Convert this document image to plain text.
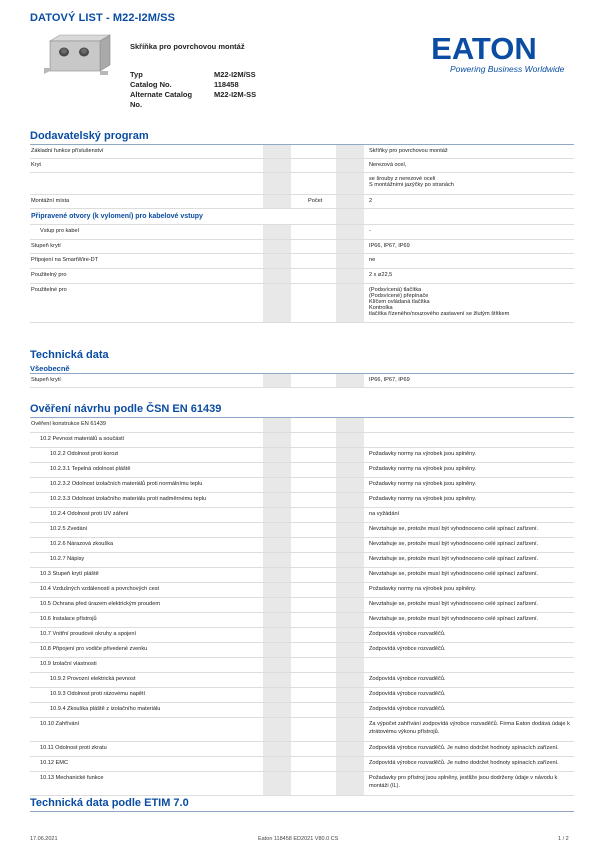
DATOVÝ LIST - M22-I2M/SS
Skříňka pro povrchovou montáž
Typ	M22-I2M/SS
Catalog No.	118458
Alternate Catalog	M22-I2M-SS
No.
EATON
Powering Business Worldwide
Dodavatelský program
Základní funkce příslušenství	Skříňky pro povrchovou montáž
Kryt	Nerezová ocel,
se šrouby z nerezové oceli
S montážními jazýčky po stranách
Montážní místa	Počet	2
Připravené otvory (k vylomení) pro kabelové vstupy
Vstup pro kabel	-
Stupeň krytí	IP66, IP67, IP69
Připojení na SmartWire-DT	ne
Použitelný pro	2 x ⌀22,5
Použitelné pro	(Podsvícená) tlačítka
(Podsvícené) přepínače
Klíčem ovládaná tlačítka
Kontrolka
tlačítka řízeného/nouzového zastavení se žlutým štítkem
Technická data
Všeobecně
Stupeň krytí	IP66, IP67, IP69
Ověření návrhu podle ČSN EN 61439
Ověření konstrukce EN 61439
10.2 Pevnost materiálů a součástí
10.2.2 Odolnost proti korozi	Požadavky normy na výrobek jsou splněny.
10.2.3.1 Tepelná odolnost pláště	Požadavky normy na výrobek jsou splněny.
10.2.3.2 Odolnost izolačních materiálů proti normálnímu teplu	Požadavky normy na výrobek jsou splněny.
10.2.3.3 Odolnost izolačního materiálu proti nadměrnému teplu	Požadavky normy na výrobek jsou splněny.
10.2.4 Odolnost proti UV záření	na vyžádání
10.2.5 Zvedání	Nevztahuje se, protože musí být vyhodnoceno celé spínací zařízení.
10.2.6 Nárazová zkouška	Nevztahuje se, protože musí být vyhodnoceno celé spínací zařízení.
10.2.7 Nápisy	Nevztahuje se, protože musí být vyhodnoceno celé spínací zařízení.
10.3 Stupeň krytí pláště	Nevztahuje se, protože musí být vyhodnoceno celé spínací zařízení.
10.4 Vzdušných vzdáleností a povrchových cest	Požadavky normy na výrobek jsou splněny.
10.5 Ochrana před úrazem elektrickým proudem	Nevztahuje se, protože musí být vyhodnoceno celé spínací zařízení.
10.6 Instalace přístrojů	Nevztahuje se, protože musí být vyhodnoceno celé spínací zařízení.
10.7 Vnitřní proudové okruhy a spojení	Zodpovídá výrobce rozvaděčů.
10.8 Připojení pro vodiče přivedené zvenku	Zodpovídá výrobce rozvaděčů.
10.9 Izolační vlastnosti
10.9.2 Provozní elektrická pevnost	Zodpovídá výrobce rozvaděčů.
10.9.3 Odolnost proti rázovému napětí	Zodpovídá výrobce rozvaděčů.
10.9.4 Zkouška pláště z izolačního materiálu	Zodpovídá výrobce rozvaděčů.
10.10 Zahřívání	Za výpočet zahřívání zodpovídá výrobce rozvaděčů. Firma Eaton dodává údaje k ztrátovému výkonu přístrojů.
10.11 Odolnost proti zkratu	Zodpovídá výrobce rozvaděčů. Je nutno dodržet hodnoty spínacích zařízení.
10.12 EMC	Zodpovídá výrobce rozvaděčů. Je nutno dodržet hodnoty spínacích zařízení.
10.13 Mechanické funkce	Požadavky pro přístroj jsou splněny, jestliže jsou dodrženy údaje v návodu k montáži (IL).
Technická data podle ETIM 7.0
17.06.2021	Eaton 118458 ED2021 V80.0 CS	1 / 2
